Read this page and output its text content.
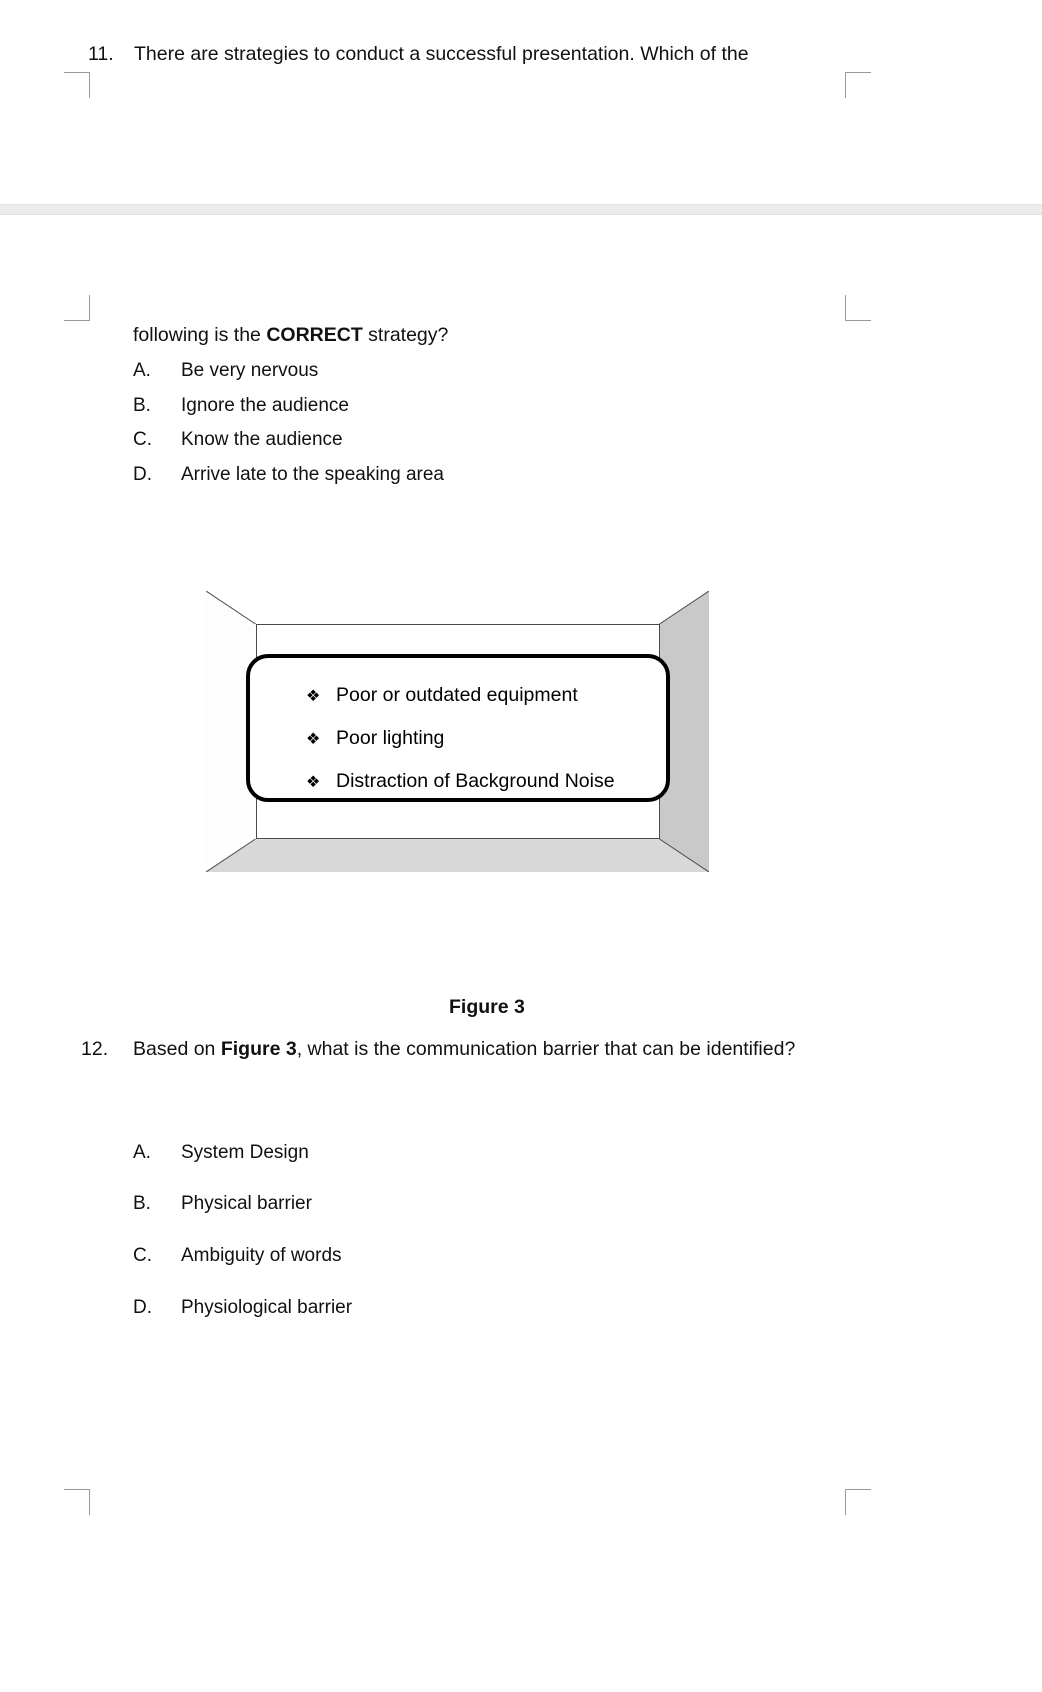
11. There are strategies to conduct a successful presentation. Which of the
following is the CORRECT strategy?
A. Be very nervous
B. Ignore the audience
C. Know the audience
D. Arrive late to the speaking area
❖ Poor or outdated equipment
❖ Poor lighting
❖ Distraction of Background Noise
Figure 3
12. Based on Figure 3, what is the communication barrier that can be identified?
A. System Design
B. Physical barrier
C. Ambiguity of words
D. Physiological barrier
